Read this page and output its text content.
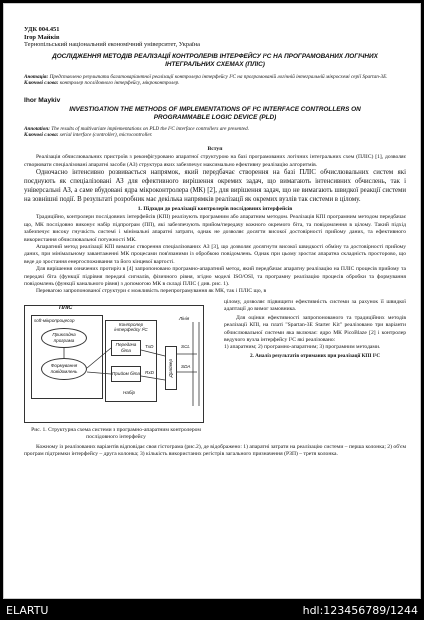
УДК 004.451
Ігор Майків
Тернопільський національний економічний університет, Україна
ДОСЛІДЖЕННЯ МЕТОДІВ РЕАЛІЗАЦІЇ КОНТРОЛЕРІВ ІНТЕРФЕЙСУ I²C НА ПРОГРАМОВАНИХ ЛОГІЧНИХ ІНТЕГРАЛЬНИХ СХЕМАХ (ПЛІС)
Анотація: Представлено результати багатоваріантної реалізації контролера інтерфейсу I²C на програмованій логічній інтегральній мікросхемі серії Spartan-3E.
Ключові слова: контролер послідовного інтерфейсу, мікроконтролер.
Ihor Maykiv
INVESTIGATION THE METHODS OF IMPLEMENTATIONS OF I²C INTERFACE CONTROLLERS ON PROGRAMMABLE LOGIC DEVICE (PLD)
Annotation: The results of multivariate implementations on PLD the I²C interface controllers are presented.
Ключові слова: serial interface (controller), microcontroller.
Вступ

Реалізація обчислювальних пристроїв з реконфігуровано апаратної структурою на базі програмованих логічних інтегральних схем (ПЛІС) [1], дозволяє створювати спеціалізовані апаратні засоби (АЗ) структура яких забезпечує максимально ефективну реалізацію алгоритмів.

Одночасно інтенсивно розвивається напрямок, який передбачає створення на базі ПЛІС обчислювальних систем які поєднують як спеціалізовані АЗ для ефективного вирішення окремих задач, що вимагають інтенсивних обчислень, так і універсальні АЗ, а саме вбудовані ядра мікроконтролера (МК) [2], для вирішення задач, що не вимагають швидкої реакції системи на зовнішні події. В результаті розробник має декілька напрямків реалізації як окремих вузлів так системи в цілому.

1. Підходи до реалізації контролерів послідовних інтерфейсів

Традиційно, контролери послідовних інтерфейсів (КПІ) реалізують програмним або апаратним методом. Реалізація КПІ програмним методом передбачає що, МК послідовно виконує набір підпрограм (ПП), які забезпечують прийом/передачу кожного окремого біта, та повідомлення в цілому. Такий підхід забезпечує високу гнучкість системі і мінімальні апаратні затрати, однак не дозволяє досягти високої достовірності прийому даних, та ефективного використання обчислювальної потужності МК.

Апаратний метод реалізації КПІ вимагає створення спеціалізованих АЗ [3], що дозволяє досягнути високої швидкості обміну та достовірності прийому даних, при мінімальному завантаженні МК процесами пов'язаними із обробкою повідомлень. Однак при цьому зростає апаратна складність просторово, що веде до зростання енергоспоживання та його кінцевої вартості.

Для вирішення означених протиріч в [4] запропоновано програмно-апаратний метод, який передбачає апаратну реалізацію на ПЛІС процесів прийому та передачі біта (функції підрівня передачі сигналів, фізичного рівня, згідно моделі ISO/OSI, та програмну реалізацію процесів обробки та формування повідомлень (функції канального рівня) з допомогою МК в складі ПЛІС ( див. рис. 1).

Перевагою запропонованої структури є можливість перепрограмування як МК, так і ПЛІС що, в

ПЛІС
soft-мікропроцесор
Прикладна програма
Формування повідомлень
Контролер інтерфейсу I²C
Передача біта
Прийом біта
TxD
RxD
Набір
Драйвер
SCL
SDA
Лінія
Рис. 1. Структурна схема системи з програмно-апаратним контролером послідовного інтерфейсу

цілому, дозволяє підвищити ефективність системи за рахунок її швидкої адаптації до вимог замовника.

Для оцінки ефективності запропонованого та традиційних методів реалізації КПІ, на платі "Spartan-3E Starter Kit" реалізовано три варіанти обчислювальної системи яка включає: ядро МК PicoBlaze [2] і контролер ведучого вузла інтерфейсу I²C які реалізовано:

1) апаратним; 2) програмно-апаратним; 3) програмним методами.

2. Аналіз результатів отриманих при реалізації КПІ I²C

Кожному із реалізованих варіантів відповідає своя гістограма (рис.2), де відображено: 1) апаратні затрати на реалізацію системи – перша колонка; 2) об'єм програм підтримки інтерфейсу – друга колонка; 3) кількість використаних регістрів загального призначення (РЗП) – третя колонка.

ELARTU	hdl:123456789/1244
